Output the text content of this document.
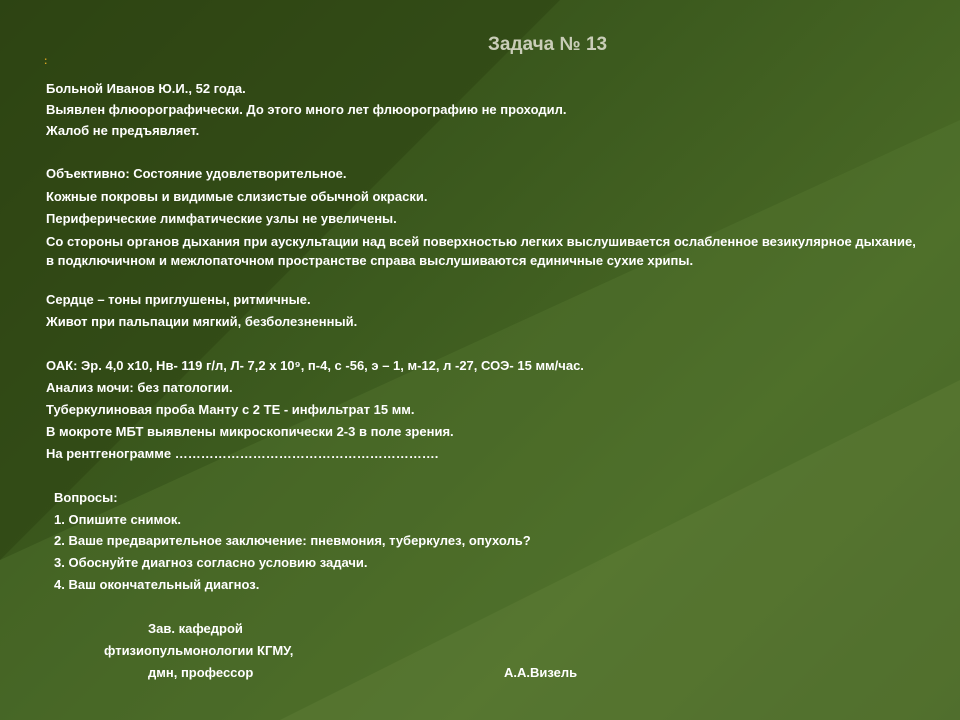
Задача № 13
:
Больной Иванов Ю.И., 52 года.
Выявлен флюорографически. До этого много лет флюорографию не проходил.
Жалоб не предъявляет.
Объективно: Состояние удовлетворительное.
Кожные покровы и видимые слизистые обычной окраски.
Периферические лимфатические узлы не увеличены.
Со стороны органов дыхания при аускультации над всей поверхностью легких выслушивается ослабленное везикулярное дыхание, в подключичном и межлопаточном пространстве справа выслушиваются единичные сухие хрипы.
Сердце – тоны приглушены, ритмичные.
Живот при пальпации мягкий, безболезненный.
ОАК: Эр. 4,0 х10, Нв- 119 г/л, Л- 7,2 х 10⁹, п-4, с -56, э – 1, м-12, л -27, СОЭ- 15 мм/час.
Анализ мочи: без патологии.
Туберкулиновая проба Манту с 2 ТЕ - инфильтрат 15 мм.
В мокроте МБТ выявлены микроскопически 2-3 в поле зрения.
На рентгенограмме …………………………………………………….
Вопросы:
1. Опишите снимок.
2. Ваше предварительное заключение: пневмония, туберкулез, опухоль?
3. Обоснуйте диагноз согласно условию задачи.
4. Ваш окончательный диагноз.
Зав. кафедрой
фтизиопульмонологии КГМУ,
дмн, профессор	А.А.Визель
